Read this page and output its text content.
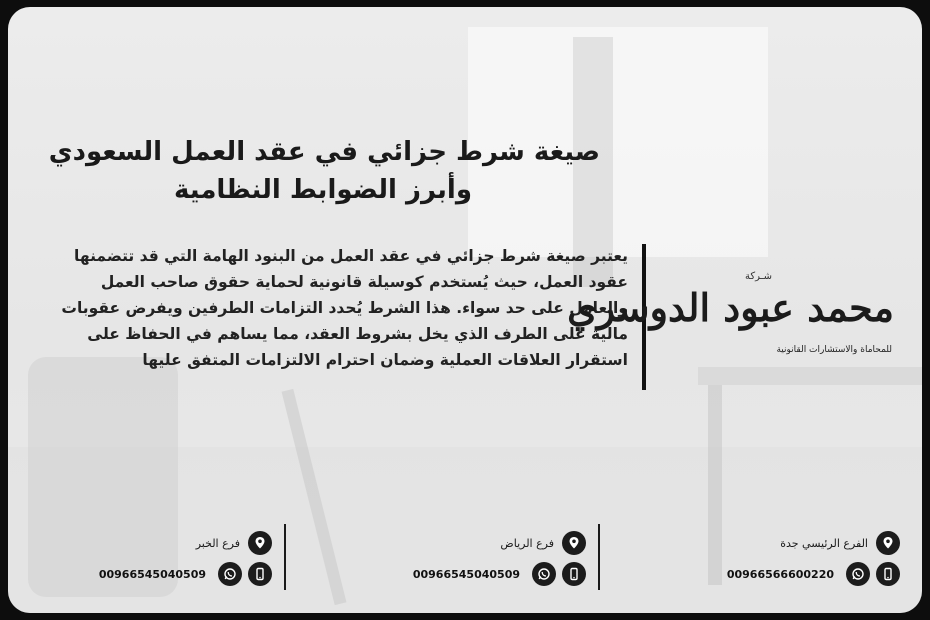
صيغة شرط جزائي في عقد العمل السعودي
وأبرز الضوابط النظامية
يعتبر صيغة شرط جزائي في عقد العمل من البنود الهامة التي قد تتضمنها
عقود العمل، حيث يُستخدم كوسيلة قانونية لحماية حقوق صاحب العمل
والعامل على حد سواء. هذا الشرط يُحدد التزامات الطرفين ويفرض عقوبات
مالية على الطرف الذي يخل بشروط العقد، مما يساهم في الحفاظ على
استقرار العلاقات العملية وضمان احترام الالتزامات المتفق عليها
شـركة
محمد عبود الدوسري
للمحاماة والاستشارات القانونية
الفرع الرئيسي جدة
00966566600220
فرع الرياض
00966545040509
فرع الخبر
00966545040509
